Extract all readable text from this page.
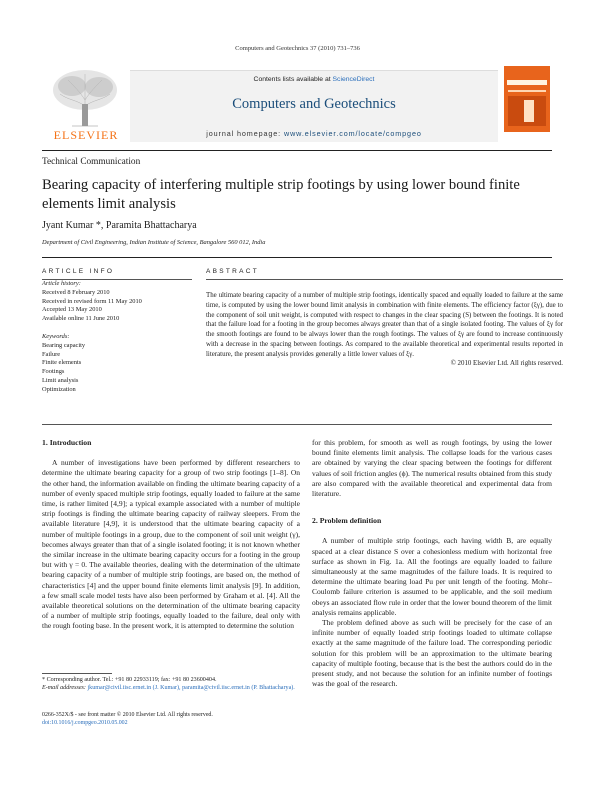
Computers and Geotechnics 37 (2010) 731–736
ELSEVIER
Contents lists available at ScienceDirect
Computers and Geotechnics
journal homepage: www.elsevier.com/locate/compgeo
Technical Communication
Bearing capacity of interfering multiple strip footings by using lower bound finite elements limit analysis
Jyant Kumar *, Paramita Bhattacharya
Department of Civil Engineering, Indian Institute of Science, Bangalore 560 012, India
ARTICLE INFO	ABSTRACT
Article history:
Received 8 February 2010
Received in revised form 11 May 2010
Accepted 13 May 2010
Available online 11 June 2010
Keywords:
Bearing capacity
Failure
Finite elements
Footings
Limit analysis
Optimization

The ultimate bearing capacity of a number of multiple strip footings, identically spaced and equally loaded to failure at the same time, is computed by using the lower bound limit analysis in combination with finite elements. The efficiency factor (ξγ), due to the component of soil unit weight, is computed with respect to changes in the clear spacing (S) between the footings. It is noted that the failure load for a footing in the group becomes always greater than that of a single isolated footing. The values of ξγ for the smooth footings are found to be always lower than the rough footings. The values of ξγ are found to increase continuously with a decrease in the spacing between footings. As compared to the available theoretical and experimental results reported in literature, the present analysis provides generally a little lower values of ξγ.

© 2010 Elsevier Ltd. All rights reserved.

1. Introduction

A number of investigations have been performed by different researchers to determine the ultimate bearing capacity for a group of two strip footings [1–8]. On the other hand, the information available on finding the ultimate bearing capacity of a number of evenly spaced multiple strip footings, equally loaded to failure at the same time, is rather limited [4,9]; a typical example associated with a number of multiple strip footings is finding the ultimate bearing capacity of railway sleepers. From the available literature [4,9], it is understood that the ultimate bearing capacity of a number of multiple footings in a group, due to the component of soil unit weight (γ), becomes always greater than that of a single isolated footing; it is not known whether the similar increase in the ultimate bearing capacity occurs for a footing in the group but with γ = 0. The available theories, dealing with the determination of the ultimate bearing capacity of a number of multiple strip footings, are based on, the method of characteristics [4] and the upper bound finite elements limit analysis [9]. In addition, a few small scale model tests have also been performed by Graham et al. [4]. All the available theoretical solutions on the determination of the ultimate bearing capacity of a number of multiple strip footings, equally loaded to the failure, deal only with the rough footing base. In the present work, it is attempted to determine the solution

for this problem, for smooth as well as rough footings, by using the lower bound finite elements limit analysis. The collapse loads for the various cases are obtained by varying the clear spacing between the footings for different values of soil friction angles (ϕ). The numerical results obtained from this study are also compared with the available theoretical and experimental data from literature.

2. Problem definition

A number of multiple strip footings, each having width B, are equally spaced at a clear distance S over a cohesionless medium with horizontal free surface as shown in Fig. 1a. All the footings are equally loaded to failure simultaneously at the same magnitudes of the failure loads. It is required to determine the ultimate bearing load Pu per unit length of the footing. Mohr–Coulomb failure criterion is assumed to be applicable, and the soil medium obeys an associated flow rule in order that the lower bound theorem of the limit analysis remains applicable.

The problem defined above as such will be precisely for the case of an infinite number of equally loaded strip footings loaded to ultimate collapse exactly at the same magnitude of the failure load. The corresponding periodic solution for this problem will be an approximation to the ultimate bearing capacity of multiple footing, because that is the best the authors could do in the present study, and not because the solution for an infinite number of footings was the goal of the research.

* Corresponding author. Tel.: +91 80 22933119; fax: +91 80 23600404.
E-mail addresses: jkumar@civil.iisc.ernet.in (J. Kumar), paramita@civil.iisc.ernet.in (P. Bhattacharya).
0266-352X/$ - see front matter © 2010 Elsevier Ltd. All rights reserved.
doi:10.1016/j.compgeo.2010.05.002
